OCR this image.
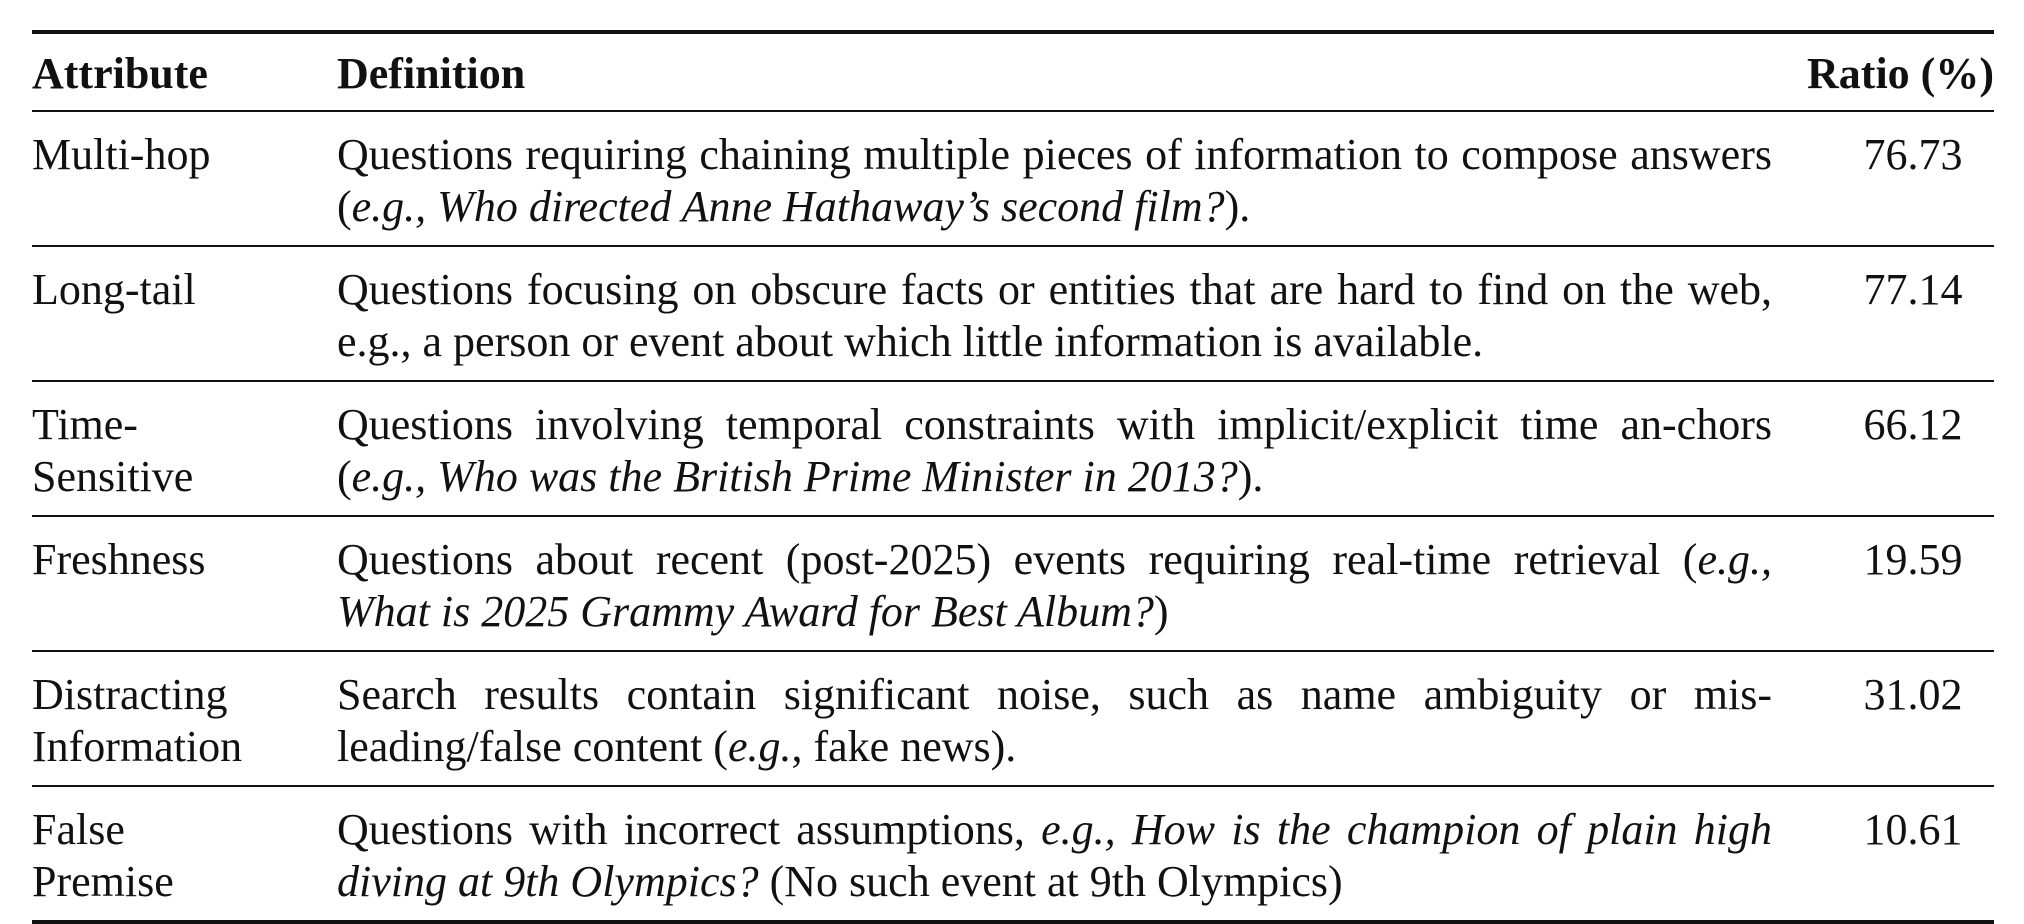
Attribute	Definition	Ratio (%)

Multi-hop	Questions requiring chaining multiple pieces of information to compose answers (e.g., Who directed Anne Hathaway’s second film?).	76.73

Long-tail	Questions focusing on obscure facts or entities that are hard to find on the web, e.g., a person or event about which little information is available.	77.14

Time-
Sensitive	Questions involving temporal constraints with implicit/explicit time an-chors (e.g., Who was the British Prime Minister in 2013?).	66.12

Freshness	Questions about recent (post-2025) events requiring real-time retrieval (e.g., What is 2025 Grammy Award for Best Album?)	19.59

Distracting
Information	Search results contain significant noise, such as name ambiguity or mis-leading/false content (e.g., fake news).	31.02

False
Premise	Questions with incorrect assumptions, e.g., How is the champion of plain high diving at 9th Olympics? (No such event at 9th Olympics)	10.61
